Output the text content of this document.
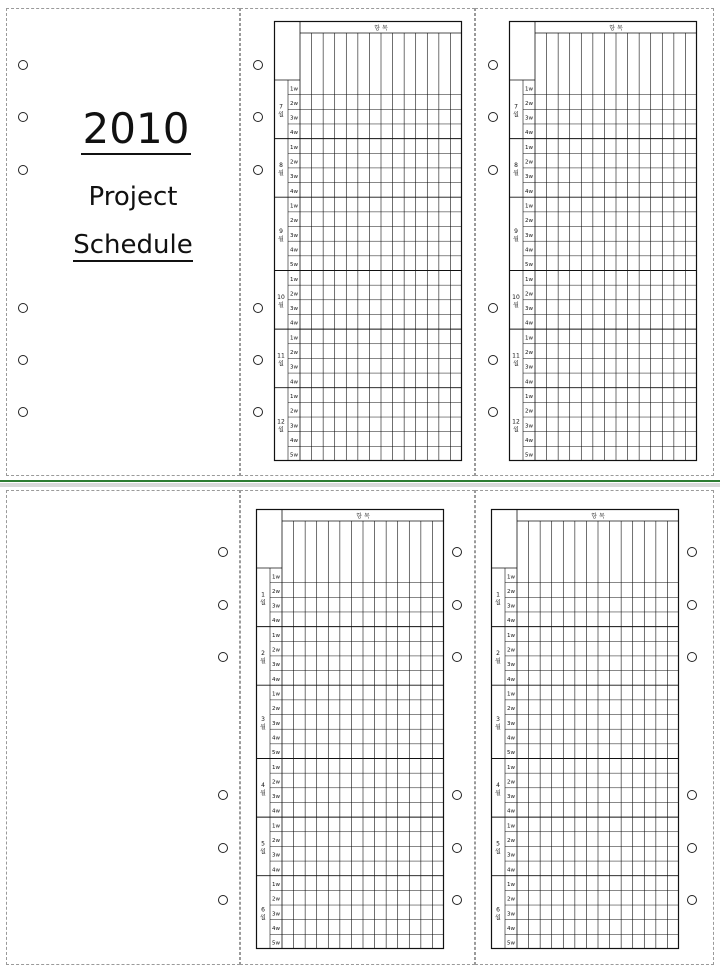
2010
Project
Schedule
항 목
1w
2w
3w
4w
7
월
1w
2w
3w
4w
8
월
1w
2w
3w
4w
5w
9
월
1w
2w
3w
4w
10
월
1w
2w
3w
4w
11
월
1w
2w
3w
4w
5w
12
월
항 목
1w
2w
3w
4w
7
월
1w
2w
3w
4w
8
월
1w
2w
3w
4w
5w
9
월
1w
2w
3w
4w
10
월
1w
2w
3w
4w
11
월
1w
2w
3w
4w
5w
12
월
항 목
1w
2w
3w
4w
1
월
1w
2w
3w
4w
2
월
1w
2w
3w
4w
5w
3
월
1w
2w
3w
4w
4
월
1w
2w
3w
4w
5
월
1w
2w
3w
4w
5w
6
월
항 목
1w
2w
3w
4w
1
월
1w
2w
3w
4w
2
월
1w
2w
3w
4w
5w
3
월
1w
2w
3w
4w
4
월
1w
2w
3w
4w
5
월
1w
2w
3w
4w
5w
6
월
